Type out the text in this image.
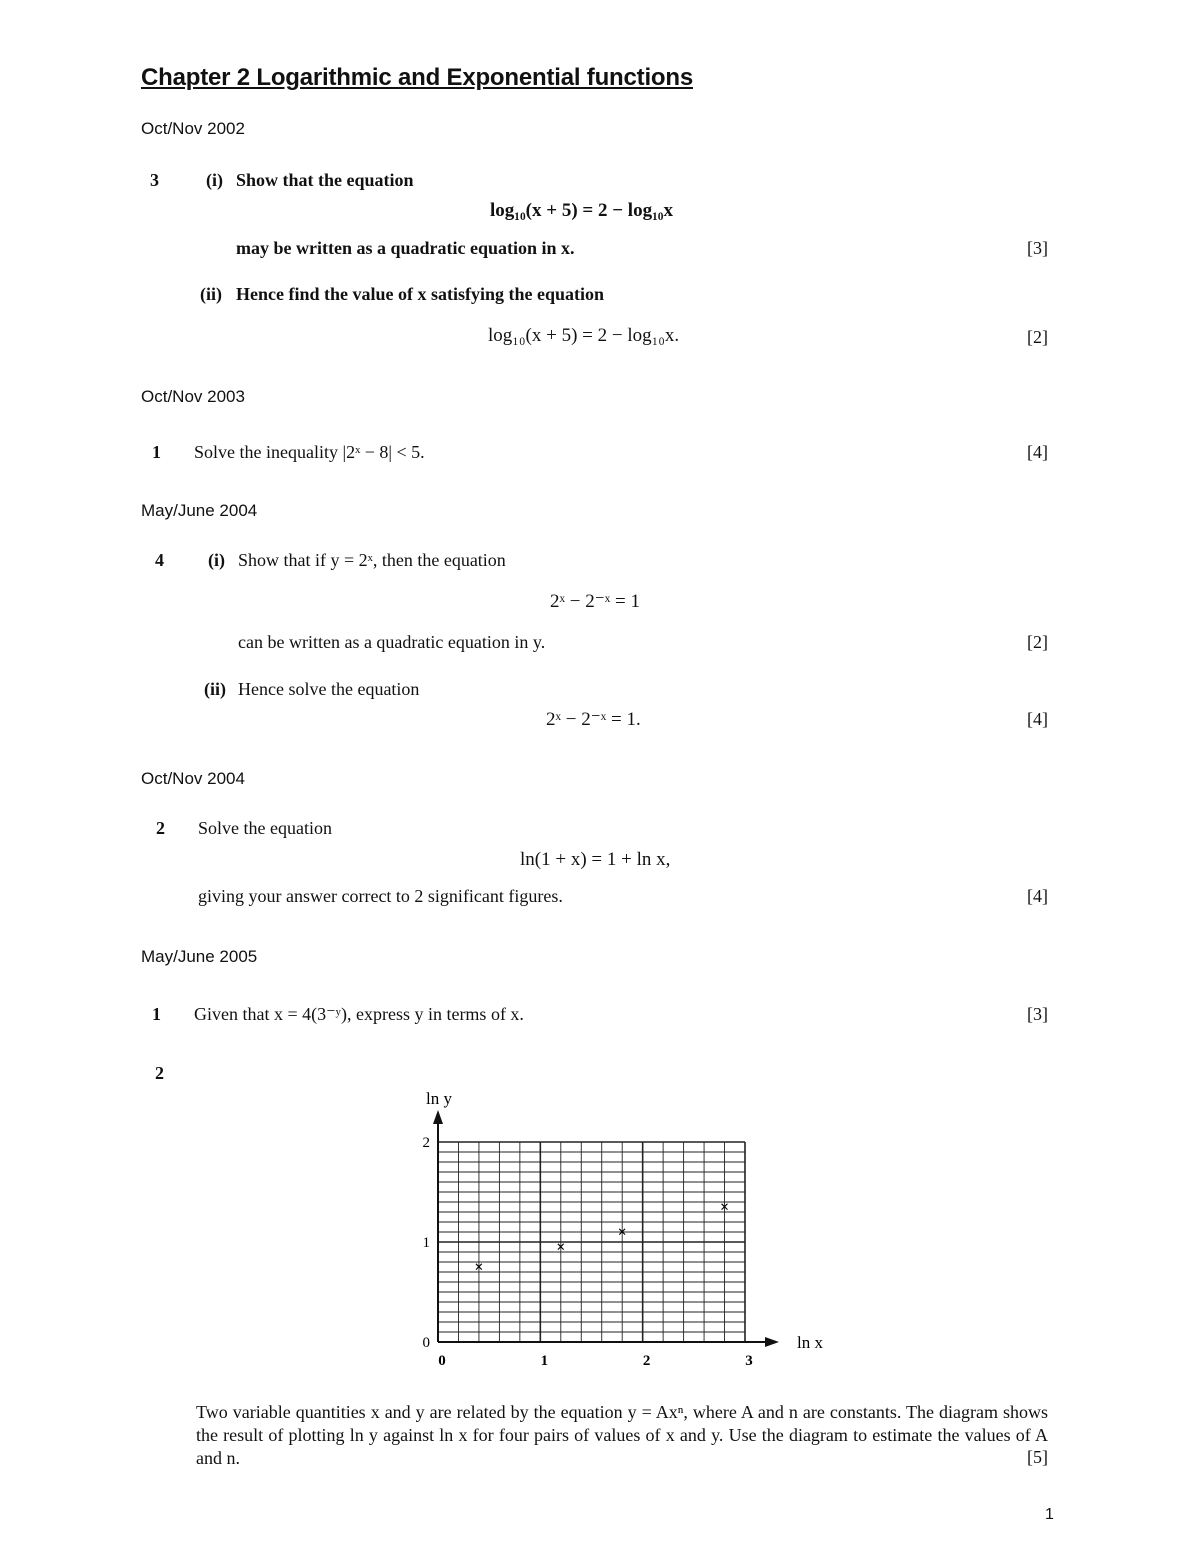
Chapter 2 Logarithmic and Exponential functions
Oct/Nov 2002
3	(i) Show that the equation
log₁₀(x + 5) = 2 − log₁₀x
may be written as a quadratic equation in x.	[3]
(ii) Hence find the value of x satisfying the equation
log₁₀(x + 5) = 2 − log₁₀x.	[2]
Oct/Nov 2003
1 Solve the inequality |2ˣ − 8| < 5.	[4]
May/June 2004
4 (i) Show that if y = 2ˣ, then the equation
2ˣ − 2⁻ˣ = 1
can be written as a quadratic equation in y.	[2]
(ii) Hence solve the equation
2ˣ − 2⁻ˣ = 1.	[4]
Oct/Nov 2004
2 Solve the equation
ln(1 + x) = 1 + ln x,
giving your answer correct to 2 significant figures.	[4]
May/June 2005
1 Given that x = 4(3⁻ʸ), express y in terms of x.	[3]
2
0	1	2	3
0
1
2
×
×
×
×
ln x
ln y
Two variable quantities x and y are related by the equation y = Axⁿ, where A and n are constants. The diagram shows the result of plotting ln y against ln x for four pairs of values of x and y. Use the diagram to estimate the values of A and n.	[5]
1
